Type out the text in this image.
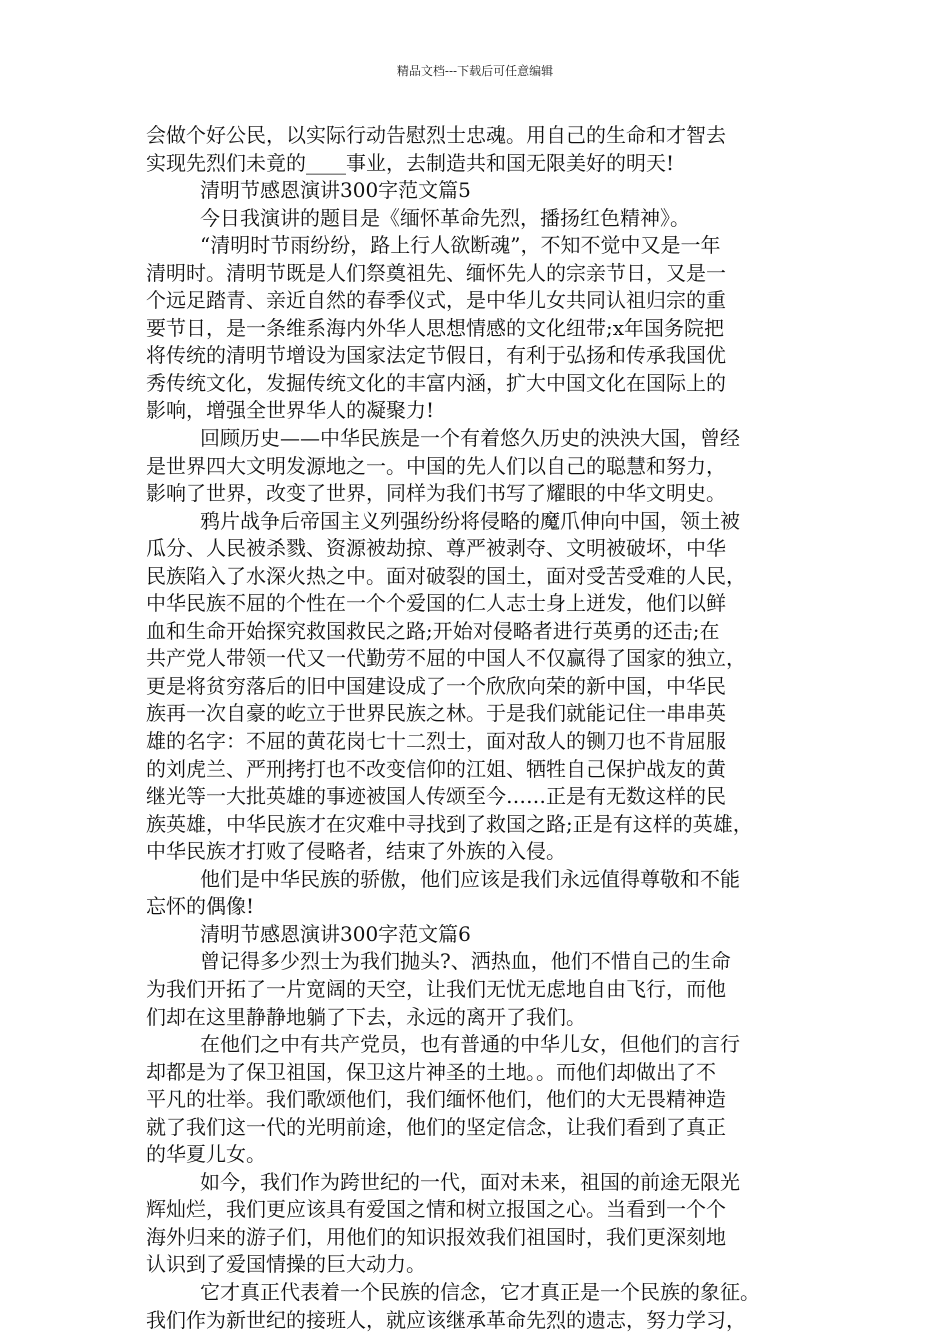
精品文档---下载后可任意编辑
会做个好公民，以实际行动告慰烈士忠魂。用自己的生命和才智去
实现先烈们未竟的____事业，去制造共和国无限美好的明天!
清明节感恩演讲300字范文篇5
今日我演讲的题目是《缅怀革命先烈，播扬红色精神》。
“清明时节雨纷纷，路上行人欲断魂”，不知不觉中又是一年
清明时。清明节既是人们祭奠祖先、缅怀先人的宗亲节日，又是一
个远足踏青、亲近自然的春季仪式，是中华儿女共同认祖归宗的重
要节日，是一条维系海内外华人思想情感的文化纽带;x年国务院把
将传统的清明节增设为国家法定节假日，有利于弘扬和传承我国优
秀传统文化，发掘传统文化的丰富内涵，扩大中国文化在国际上的
影响，增强全世界华人的凝聚力!
回顾历史——中华民族是一个有着悠久历史的泱泱大国，曾经
是世界四大文明发源地之一。中国的先人们以自己的聪慧和努力，
影响了世界，改变了世界，同样为我们书写了耀眼的中华文明史。
鸦片战争后帝国主义列强纷纷将侵略的魔爪伸向中国，领土被
瓜分、人民被杀戮、资源被劫掠、尊严被剥夺、文明被破坏，中华
民族陷入了水深火热之中。面对破裂的国土，面对受苦受难的人民，
中华民族不屈的个性在一个个爱国的仁人志士身上迸发，他们以鲜
血和生命开始探究救国救民之路;开始对侵略者进行英勇的还击;在
共产党人带领一代又一代勤劳不屈的中国人不仅赢得了国家的独立，
更是将贫穷落后的旧中国建设成了一个欣欣向荣的新中国，中华民
族再一次自豪的屹立于世界民族之林。于是我们就能记住一串串英
雄的名字：不屈的黄花岗七十二烈士，面对敌人的铡刀也不肯屈服
的刘虎兰、严刑拷打也不改变信仰的江姐、牺牲自己保护战友的黄
继光等一大批英雄的事迹被国人传颂至今……正是有无数这样的民
族英雄，中华民族才在灾难中寻找到了救国之路;正是有这样的英雄，
中华民族才打败了侵略者，结束了外族的入侵。
他们是中华民族的骄傲，他们应该是我们永远值得尊敬和不能
忘怀的偶像!
清明节感恩演讲300字范文篇6
曾记得多少烈士为我们抛头?、洒热血，他们不惜自己的生命
为我们开拓了一片宽阔的天空，让我们无忧无虑地自由飞行，而他
们却在这里静静地躺了下去，永远的离开了我们。
在他们之中有共产党员，也有普通的中华儿女，但他们的言行
却都是为了保卫祖国，保卫这片神圣的土地。。而他们却做出了不
平凡的壮举。我们歌颂他们，我们缅怀他们，他们的大无畏精神造
就了我们这一代的光明前途，他们的坚定信念，让我们看到了真正
的华夏儿女。
如今，我们作为跨世纪的一代，面对未来，祖国的前途无限光
辉灿烂，我们更应该具有爱国之情和树立报国之心。当看到一个个
海外归来的游子们，用他们的知识报效我们祖国时，我们更深刻地
认识到了爱国情操的巨大动力。
它才真正代表着一个民族的信念，它才真正是一个民族的象征。
我们作为新世纪的接班人，就应该继承革命先烈的遗志，努力学习，
